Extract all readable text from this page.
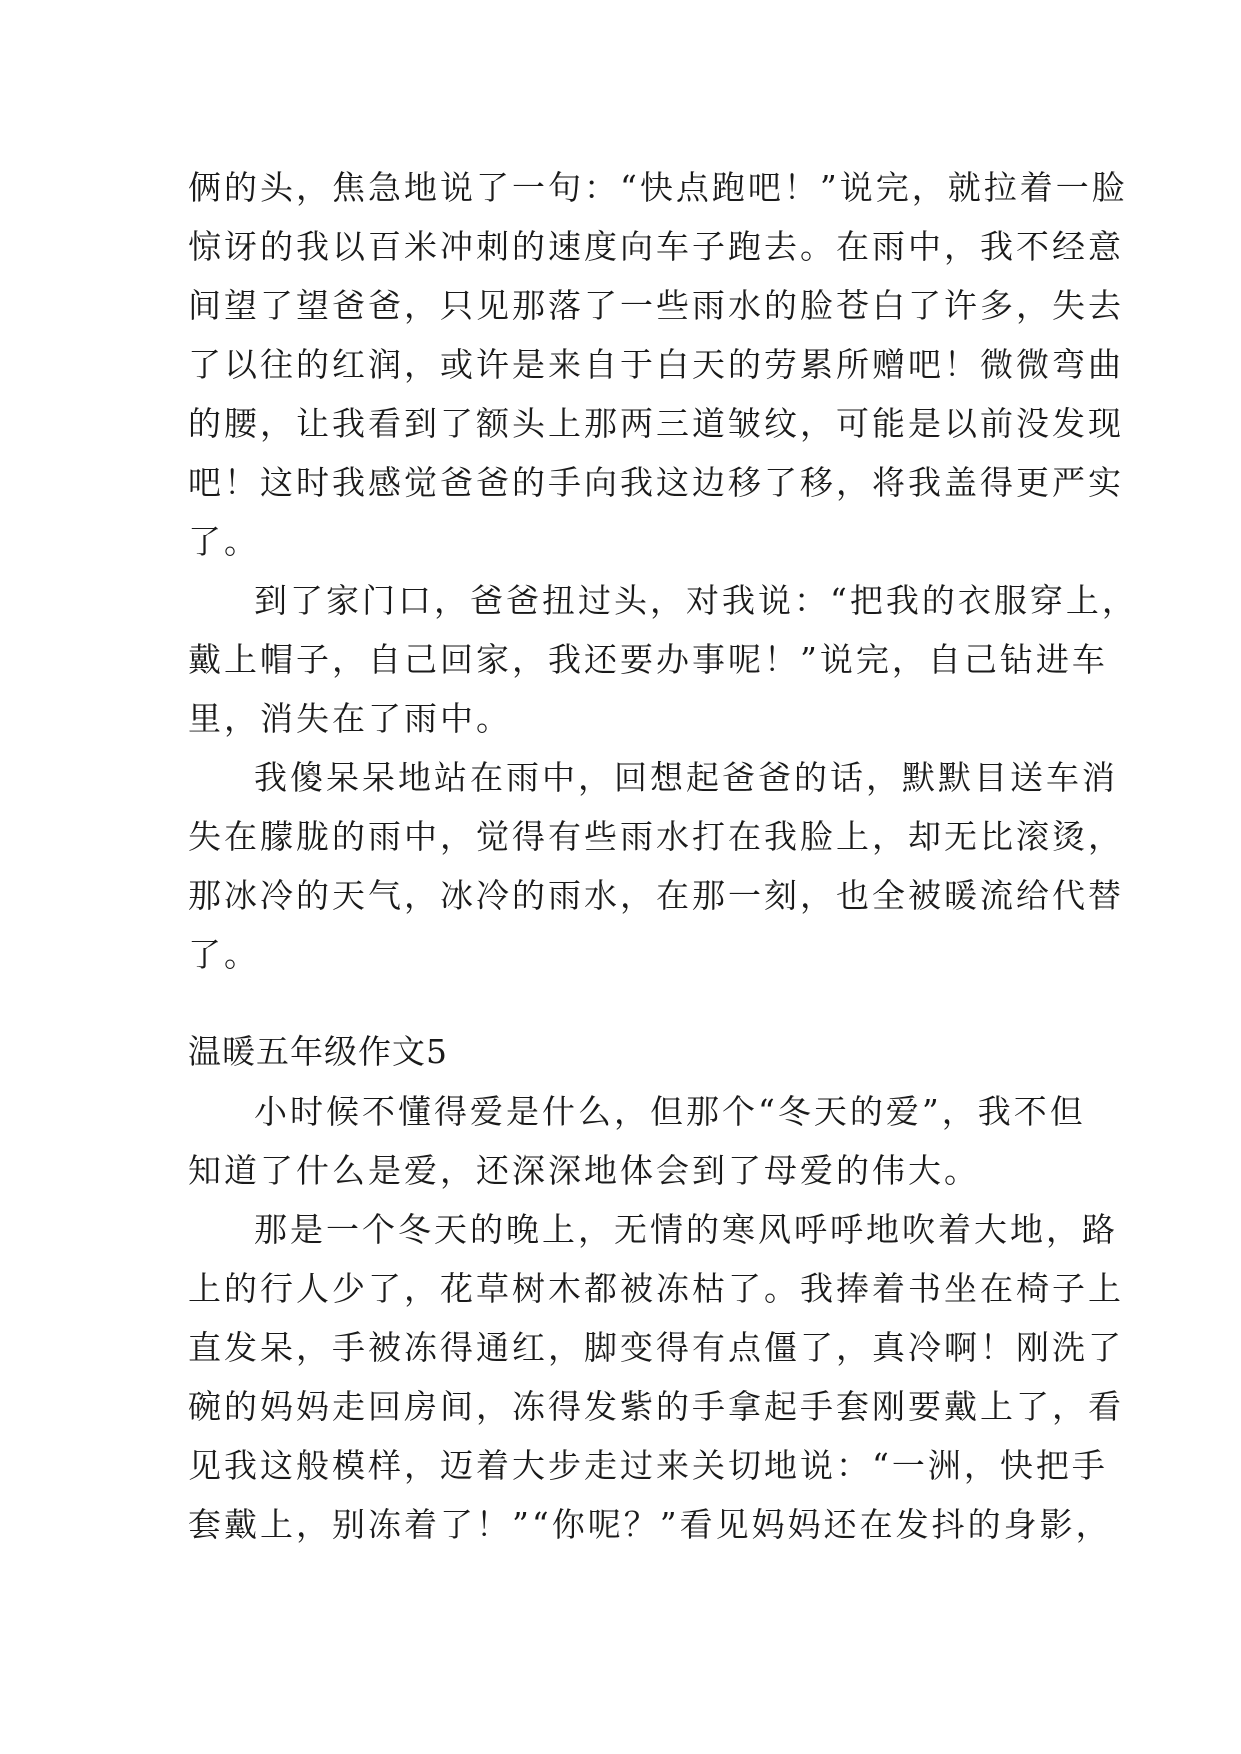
俩的头，焦急地说了一句：“快点跑吧！”说完，就拉着一脸
惊讶的我以百米冲刺的速度向车子跑去。在雨中，我不经意
间望了望爸爸，只见那落了一些雨水的脸苍白了许多，失去
了以往的红润，或许是来自于白天的劳累所赠吧！微微弯曲
的腰，让我看到了额头上那两三道皱纹，可能是以前没发现
吧！这时我感觉爸爸的手向我这边移了移，将我盖得更严实
了。
到了家门口，爸爸扭过头，对我说：“把我的衣服穿上，
戴上帽子，自己回家，我还要办事呢！”说完，自己钻进车
里，消失在了雨中。
我傻呆呆地站在雨中，回想起爸爸的话，默默目送车消
失在朦胧的雨中，觉得有些雨水打在我脸上，却无比滚烫，
那冰冷的天气，冰冷的雨水，在那一刻，也全被暖流给代替
了。
温暖五年级作文5
小时候不懂得爱是什么，但那个“冬天的爱”，我不但
知道了什么是爱，还深深地体会到了母爱的伟大。
那是一个冬天的晚上，无情的寒风呼呼地吹着大地，路
上的行人少了，花草树木都被冻枯了。我捧着书坐在椅子上
直发呆，手被冻得通红，脚变得有点僵了，真冷啊！刚洗了
碗的妈妈走回房间，冻得发紫的手拿起手套刚要戴上了，看
见我这般模样，迈着大步走过来关切地说：“一洲，快把手
套戴上，别冻着了！”“你呢？”看见妈妈还在发抖的身影，
